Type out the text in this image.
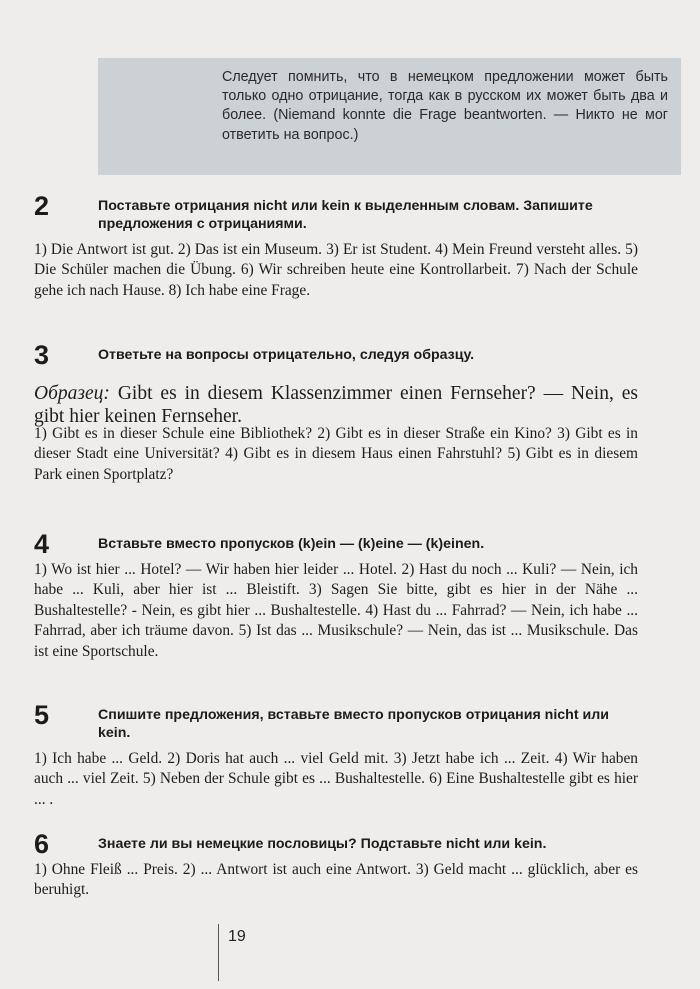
Следует помнить, что в немецком предложении может быть только одно отрицание, тогда как в русском их может быть два и более. (Niemand konnte die Frage beantworten. — Никто не мог ответить на вопрос.)
2	Поставьте отрицания nicht или kein к выделенным словам. Запишите предложения с отрицаниями.
1) Die Antwort ist gut. 2) Das ist ein Museum. 3) Er ist Student. 4) Mein Freund versteht alles. 5) Die Schüler machen die Übung. 6) Wir schreiben heute eine Kontrollarbeit. 7) Nach der Schule gehe ich nach Hause. 8) Ich habe eine Frage.
3	Ответьте на вопросы отрицательно, следуя образцу.
Образец: Gibt es in diesem Klassenzimmer einen Fernseher? — Nein, es gibt hier keinen Fernseher.
1) Gibt es in dieser Schule eine Bibliothek? 2) Gibt es in dieser Straße ein Kino? 3) Gibt es in dieser Stadt eine Universität? 4) Gibt es in diesem Haus einen Fahrstuhl? 5) Gibt es in diesem Park einen Sportplatz?
4	Вставьте вместо пропусков (k)ein — (k)eine — (k)einen.
1) Wo ist hier ... Hotel? — Wir haben hier leider ... Hotel. 2) Hast du noch ... Kuli? — Nein, ich habe ... Kuli, aber hier ist ... Bleistift. 3) Sagen Sie bitte, gibt es hier in der Nähe ... Bushaltestelle? - Nein, es gibt hier ... Bushaltestelle. 4) Hast du ... Fahrrad? — Nein, ich habe ... Fahrrad, aber ich träume davon. 5) Ist das ... Musikschule? — Nein, das ist ... Musikschule. Das ist eine Sportschule.
5	Спишите предложения, вставьте вместо пропусков отрицания nicht или kein.
1) Ich habe ... Geld. 2) Doris hat auch ... viel Geld mit. 3) Jetzt habe ich ... Zeit. 4) Wir haben auch ... viel Zeit. 5) Neben der Schule gibt es ... Bushaltestelle. 6) Eine Bushaltestelle gibt es hier ... .
6	Знаете ли вы немецкие пословицы? Подставьте nicht или kein.
1) Ohne Fleiß ... Preis. 2) ... Antwort ist auch eine Antwort. 3) Geld macht ... glücklich, aber es beruhigt.
19
